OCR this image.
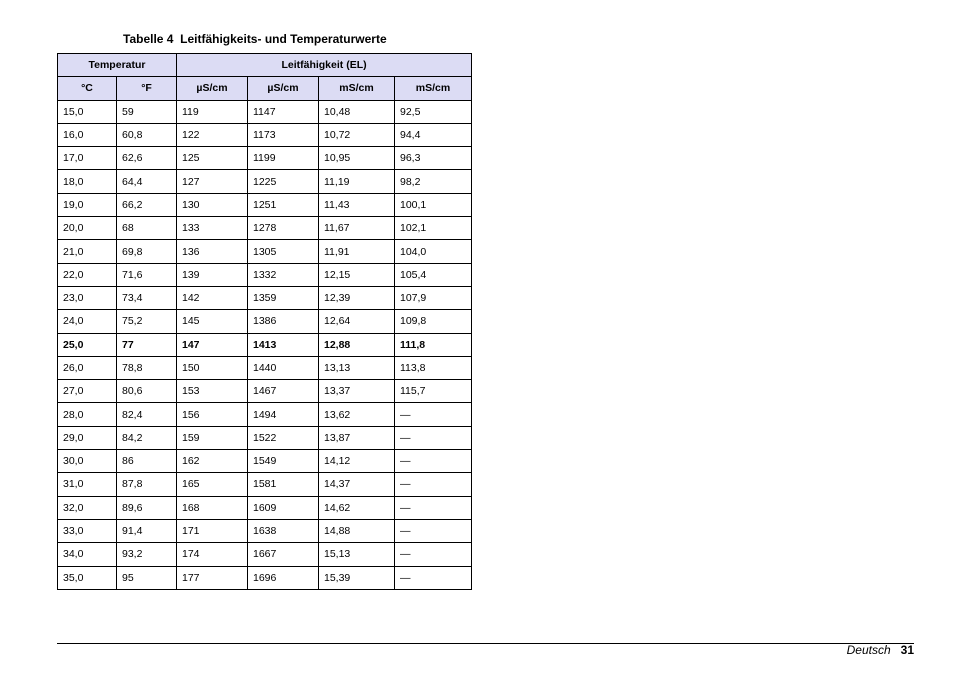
Tabelle 4  Leitfähigkeits- und Temperaturwerte
Temperatur		Leitfähigkeit (EL)			
°C	°F	µS/cm	µS/cm	mS/cm	mS/cm
15,0	59	119	1147	10,48	92,5
16,0	60,8	122	1173	10,72	94,4
17,0	62,6	125	1199	10,95	96,3
18,0	64,4	127	1225	11,19	98,2
19,0	66,2	130	1251	11,43	100,1
20,0	68	133	1278	11,67	102,1
21,0	69,8	136	1305	11,91	104,0
22,0	71,6	139	1332	12,15	105,4
23,0	73,4	142	1359	12,39	107,9
24,0	75,2	145	1386	12,64	109,8
25,0	77	147	1413	12,88	111,8
26,0	78,8	150	1440	13,13	113,8
27,0	80,6	153	1467	13,37	115,7
28,0	82,4	156	1494	13,62	—
29,0	84,2	159	1522	13,87	—
30,0	86	162	1549	14,12	—
31,0	87,8	165	1581	14,37	—
32,0	89,6	168	1609	14,62	—
33,0	91,4	171	1638	14,88	—
34,0	93,2	174	1667	15,13	—
35,0	95	177	1696	15,39	—
Deutsch 31
